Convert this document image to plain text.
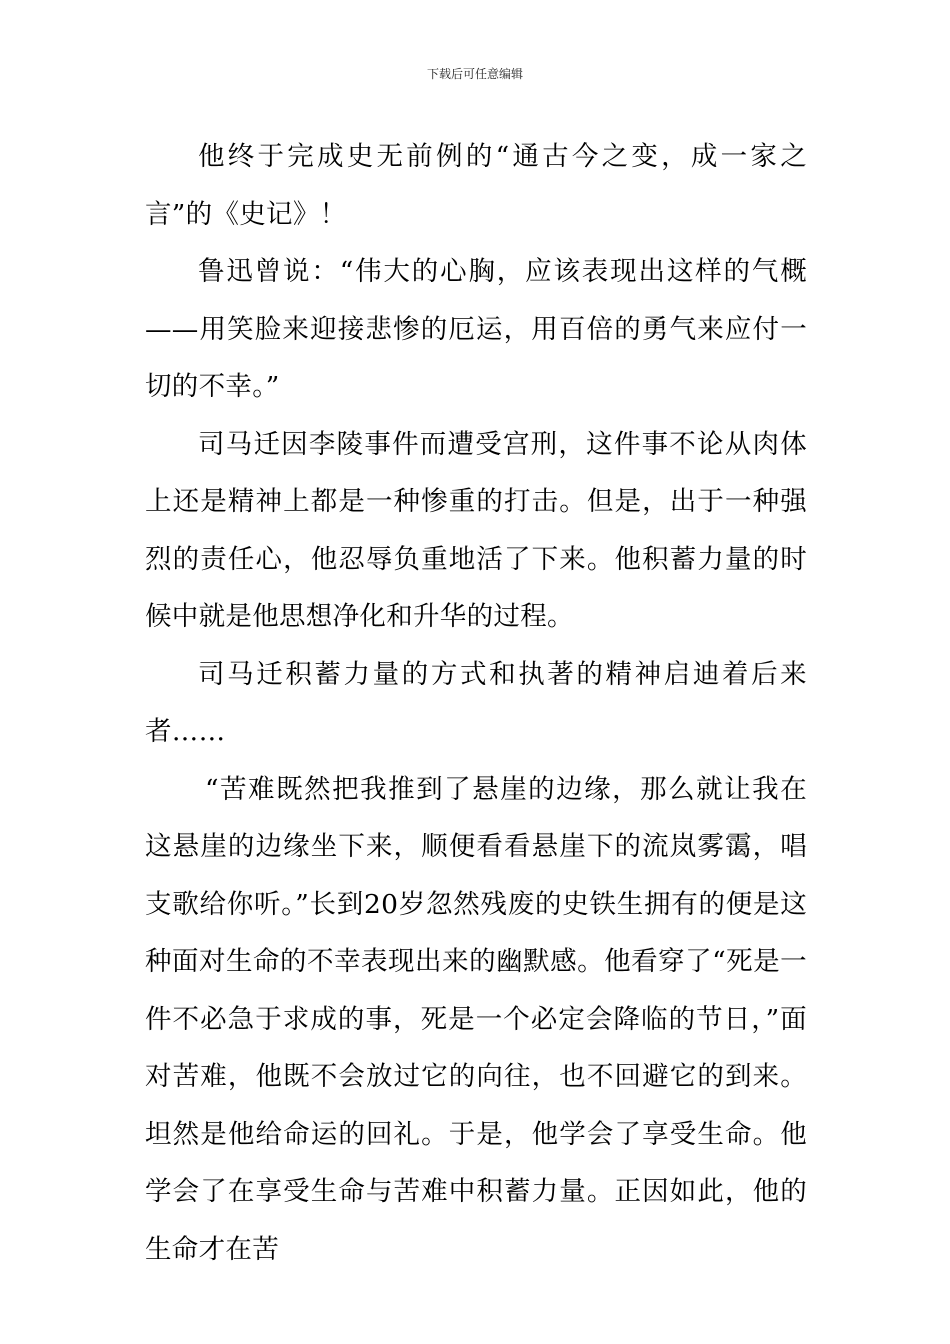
下载后可任意编辑

他终于完成史无前例的“通古今之变，成一家之言”的《史记》！

鲁迅曾说：“伟大的心胸，应该表现出这样的气概——用笑脸来迎接悲惨的厄运，用百倍的勇气来应付一切的不幸。”

司马迁因李陵事件而遭受宫刑，这件事不论从肉体上还是精神上都是一种惨重的打击。但是，出于一种强烈的责任心，他忍辱负重地活了下来。他积蓄力量的时候中就是他思想净化和升华的过程。

司马迁积蓄力量的方式和执著的精神启迪着后来者……

“苦难既然把我推到了悬崖的边缘，那么就让我在这悬崖的边缘坐下来，顺便看看悬崖下的流岚雾霭，唱支歌给你听。”长到20岁忽然残废的史铁生拥有的便是这种面对生命的不幸表现出来的幽默感。他看穿了“死是一件不必急于求成的事，死是一个必定会降临的节日，”面对苦难，他既不会放过它的向往，也不回避它的到来。坦然是他给命运的回礼。于是，他学会了享受生命。他学会了在享受生命与苦难中积蓄力量。正因如此，他的生命才在苦
